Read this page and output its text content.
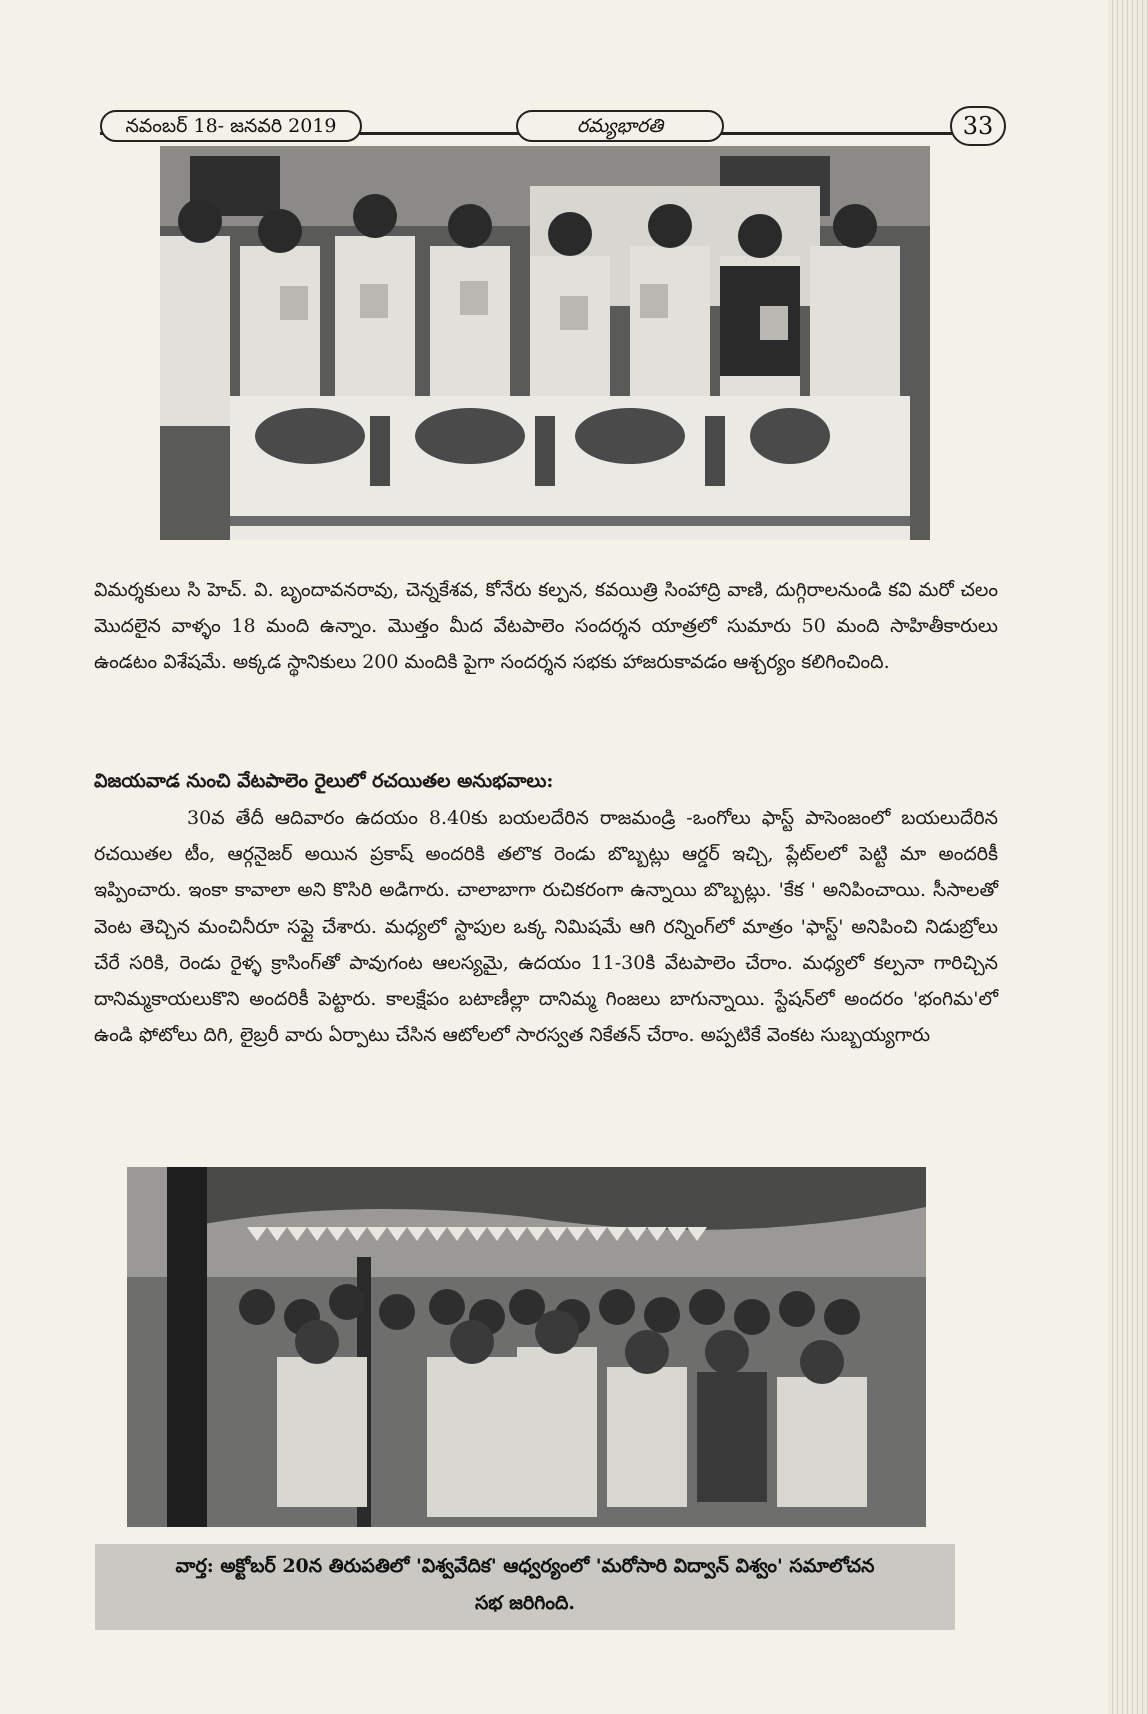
నవంబర్ 18- జనవరి 2019	రమ్యభారతి	33
విమర్శకులు సి హెచ్. వి. బృందావనరావు, చెన్నకేశవ, కోనేరు కల్పన, కవయిత్రి సింహాద్రి వాణి, దుగ్గిరాలనుండి కవి మరో చలం మొదలైన వాళ్ళం 18 మంది ఉన్నాం. మొత్తం మీద వేటపాలెం సందర్శన యాత్రలో సుమారు 50 మంది సాహితీకారులు ఉండటం విశేషమే. అక్కడ స్థానికులు 200 మందికి పైగా సందర్శన సభకు హాజరుకావడం ఆశ్చర్యం కలిగించింది.
విజయవాడ నుంచి వేటపాలెం రైలులో రచయితల అనుభవాలు:
30వ తేదీ ఆదివారం ఉదయం 8.40కు బయలదేరిన రాజమండ్రి -ఒంగోలు ఫాస్ట్ పాసెంజంలో బయలుదేరిన రచయితల టీం, ఆర్గనైజర్ అయిన ప్రకాష్ అందరికి తలొక రెండు బొబ్బట్లు ఆర్డర్ ఇచ్చి, ప్లేట్‌లలో పెట్టి మా అందరికీ ఇప్పించారు. ఇంకా కావాలా అని కొసిరి అడిగారు. చాలాబాగా రుచికరంగా ఉన్నాయి బొబ్బట్లు. 'కేక ' అనిపించాయి. సీసాలతో వెంట తెచ్చిన మంచినీరూ సప్లై చేశారు. మధ్యలో స్టాపుల ఒక్క నిమిషమే ఆగి రన్నింగ్‌లో మాత్రం 'ఫాస్ట్' అనిపించి నిడుబ్రోలు చేరే సరికి, రెండు రైళ్ళ క్రాసింగ్‌తో పావుగంట ఆలస్యమై, ఉదయం 11-30కి వేటపాలెం చేరాం. మధ్యలో కల్పనా గారిచ్చిన దానిమ్మకాయలుకొని అందరికీ పెట్టారు. కాలక్షేపం బటాణీల్లా దానిమ్మ గింజలు బాగున్నాయి. స్టేషన్‌లో అందరం 'భంగిమ'లో ఉండి ఫోటోలు దిగి, లైబ్రరీ వారు ఏర్పాటు చేసిన ఆటోలలో సారస్వత నికేతన్ చేరాం. అప్పటికే వెంకట సుబ్బయ్యగారు
వార్త: అక్టోబర్ 20న తిరుపతిలో 'విశ్వవేదిక' ఆధ్వర్యంలో 'మరోసారి విద్వాన్ విశ్వం' సమాలోచన
సభ జరిగింది.
